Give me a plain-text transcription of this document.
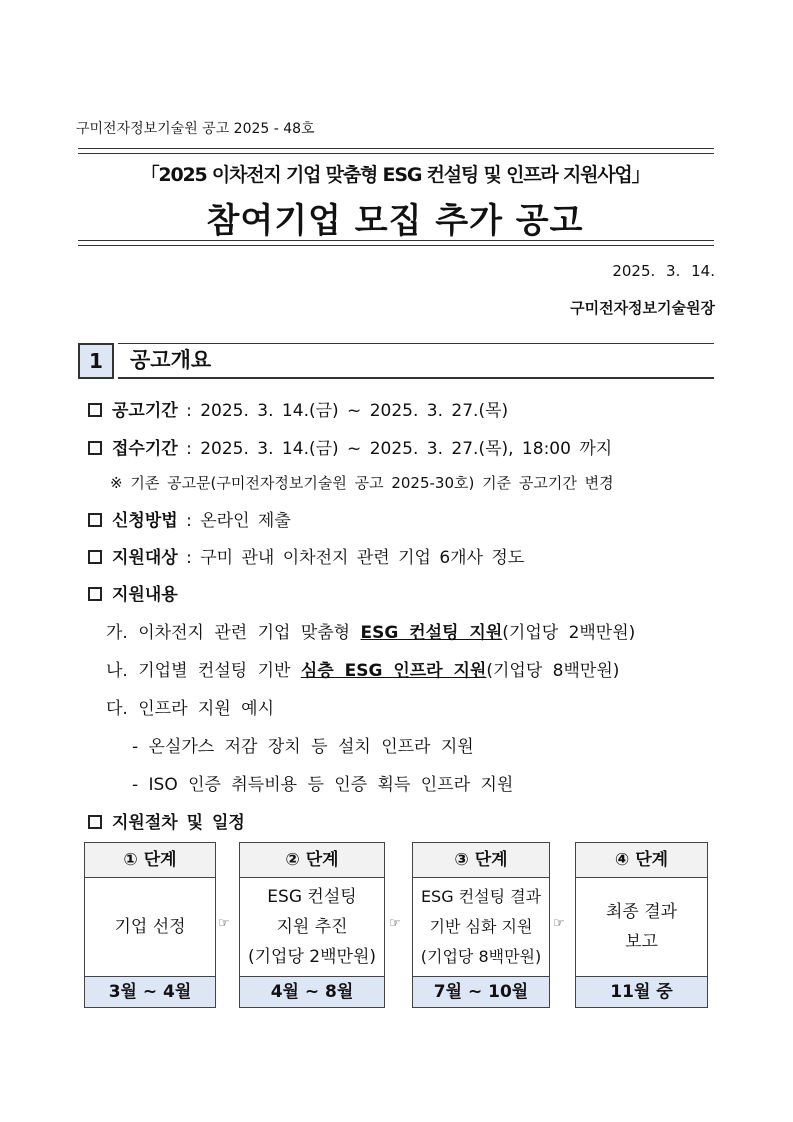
구미전자정보기술원 공고 2025 - 48호
「2025 이차전지 기업 맞춤형 ESG 컨설팅 및 인프라 지원사업」
참여기업 모집 추가 공고
2025. 3. 14.
구미전자정보기술원장
1	공고개요
공고기간 : 2025. 3. 14.(금) ~ 2025. 3. 27.(목)
접수기간 : 2025. 3. 14.(금) ~ 2025. 3. 27.(목), 18:00 까지
※ 기존 공고문(구미전자정보기술원 공고 2025-30호) 기준 공고기간 변경
신청방법 : 온라인 제출
지원대상 : 구미 관내 이차전지 관련 기업 6개사 정도
지원내용
가. 이차전지 관련 기업 맞춤형 ESG 컨설팅 지원(기업당 2백만원)
나. 기업별 컨설팅 기반 심층 ESG 인프라 지원(기업당 8백만원)
다. 인프라 지원 예시
- 온실가스 저감 장치 등 설치 인프라 지원
- ISO 인증 취득비용 등 인증 획득 인프라 지원
지원절차 및 일정
① 단계
기업 선정
3월 ~ 4월
☞
② 단계
ESG 컨설팅
지원 추진
(기업당 2백만원)
4월 ~ 8월
☞
③ 단계
ESG 컨설팅 결과
기반 심화 지원
(기업당 8백만원)
7월 ~ 10월
☞
④ 단계
최종 결과
보고
11월 중
